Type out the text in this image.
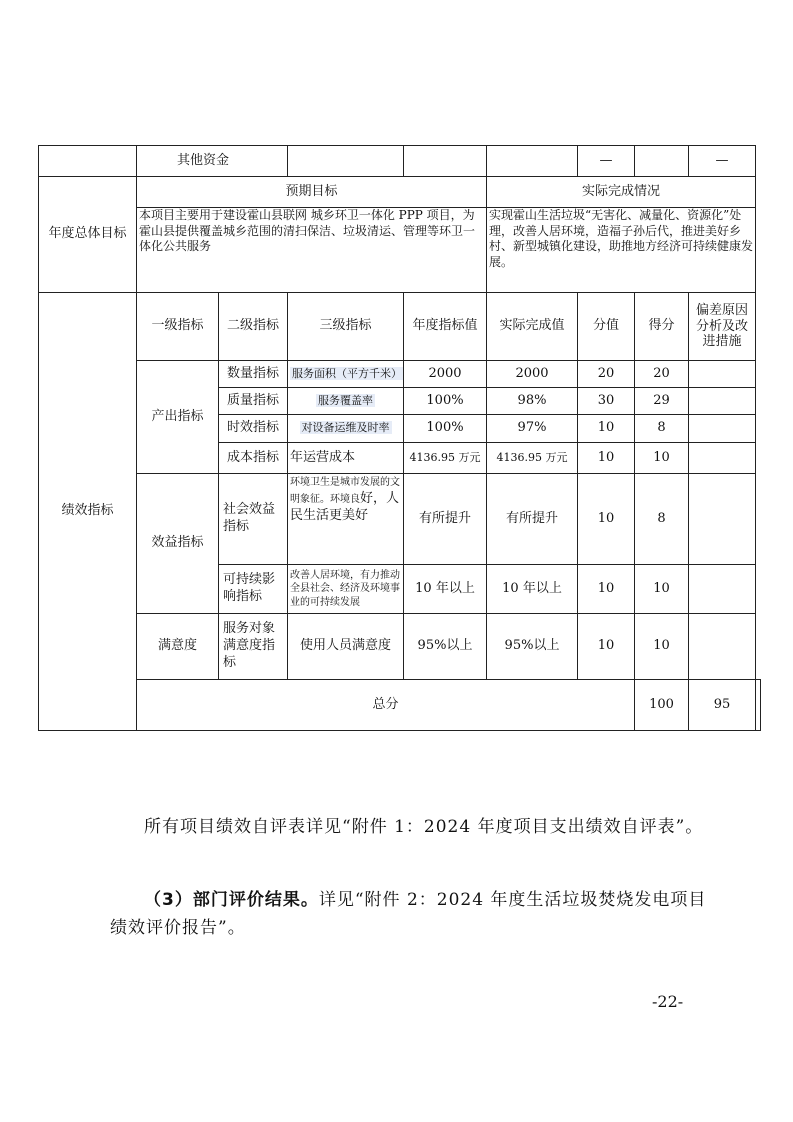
	其他资金					—		—	
年度总体目标	预期目标				实际完成情况				
	本项目主要用于建设霍山县联网 城乡环卫一体化 PPP 项目，为霍山县提供覆盖城乡范围的清扫保洁、垃圾清运、管理等环卫一体化公共服务				实现霍山生活垃圾“无害化、减量化、资源化”处理，改善人居环境，造福子孙后代，推进美好乡村、新型城镇化建设，助推地方经济可持续健康发展。				
绩效指标	一级指标	二级指标	三级指标	年度指标值	实际完成值	分值	得分	偏差原因分析及改进措施	
	产出指标	数量指标	服务面积（平方千米）	2000	2000	20	20		
		质量指标	服务覆盖率	100%	98%	30	29		
		时效指标	对设备运维及时率	100%	97%	10	8		
		成本指标	年运营成本	4136.95 万元	4136.95 万元	10	10		
	效益指标	社会效益指标	环境卫生是城市发展的文明象征。环境良好，人民生活更美好	有所提升	有所提升	10	8		
		可持续影响指标	改善人居环境，有力推动全县社会、经济及环境事业的可持续发展	10 年以上	10 年以上	10	10		
	满意度	服务对象满意度指标	使用人员满意度	95%以上	95%以上	10	10		
	总分						100	95	
所有项目绩效自评表详见“附件 1：2024 年度项目支出绩效自评表”。
（3）部门评价结果。详见“附件 2：2024 年度生活垃圾焚烧发电项目绩效评价报告”。
-22-
